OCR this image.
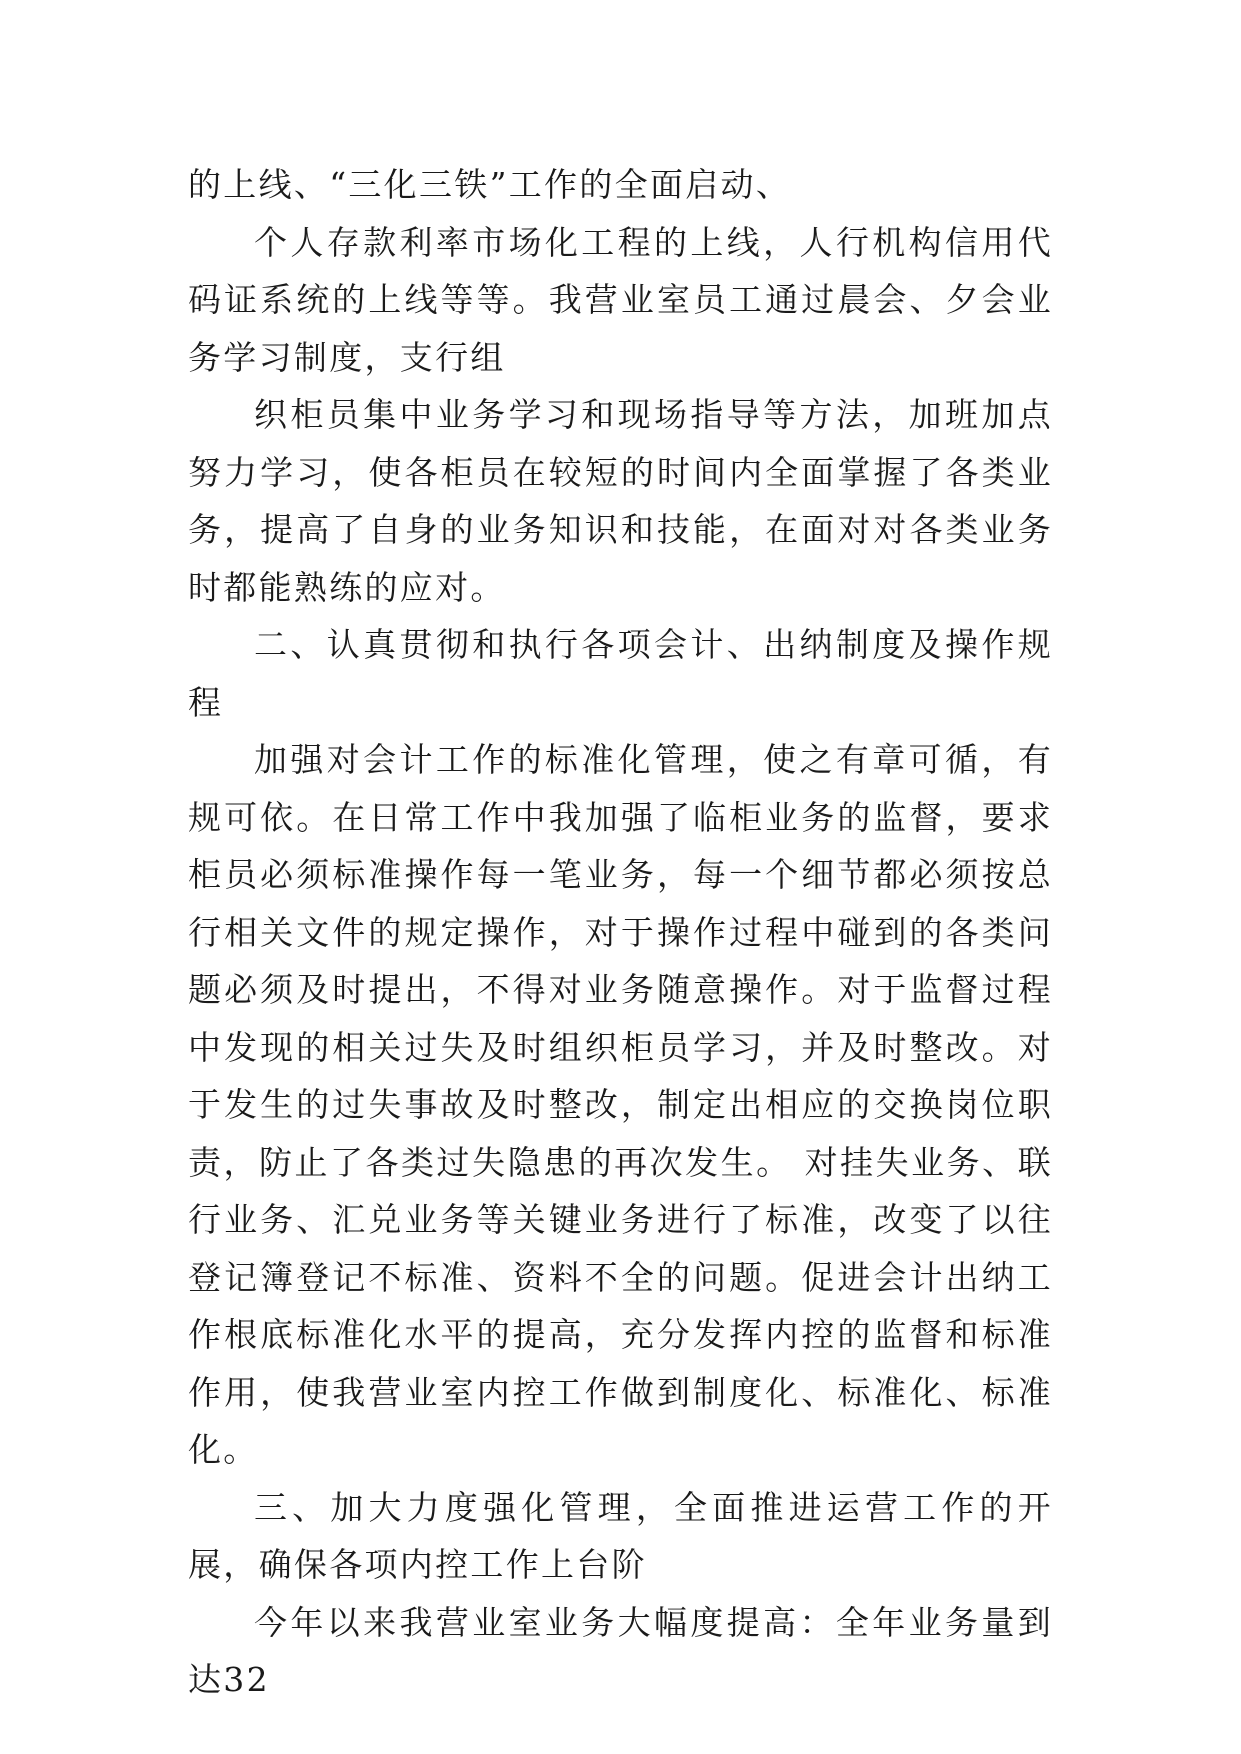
的上线、“三化三铁”工作的全面启动、

个人存款利率市场化工程的上线，人行机构信用代码证系统的上线等等。我营业室员工通过晨会、夕会业务学习制度，支行组

织柜员集中业务学习和现场指导等方法，加班加点努力学习，使各柜员在较短的时间内全面掌握了各类业务，提高了自身的业务知识和技能，在面对对各类业务时都能熟练的应对。

二、认真贯彻和执行各项会计、出纳制度及操作规程

加强对会计工作的标准化管理，使之有章可循，有规可依。在日常工作中我加强了临柜业务的监督，要求柜员必须标准操作每一笔业务，每一个细节都必须按总行相关文件的规定操作，对于操作过程中碰到的各类问题必须及时提出，不得对业务随意操作。对于监督过程中发现的相关过失及时组织柜员学习，并及时整改。对于发生的过失事故及时整改，制定出相应的交换岗位职责，防止了各类过失隐患的再次发生。 对挂失业务、联行业务、汇兑业务等关键业务进行了标准，改变了以往登记簿登记不标准、资料不全的问题。促进会计出纳工作根底标准化水平的提高，充分发挥内控的监督和标准作用，使我营业室内控工作做到制度化、标准化、标准化。

三、加大力度强化管理，全面推进运营工作的开展，确保各项内控工作上台阶

今年以来我营业室业务大幅度提高：全年业务量到达32
